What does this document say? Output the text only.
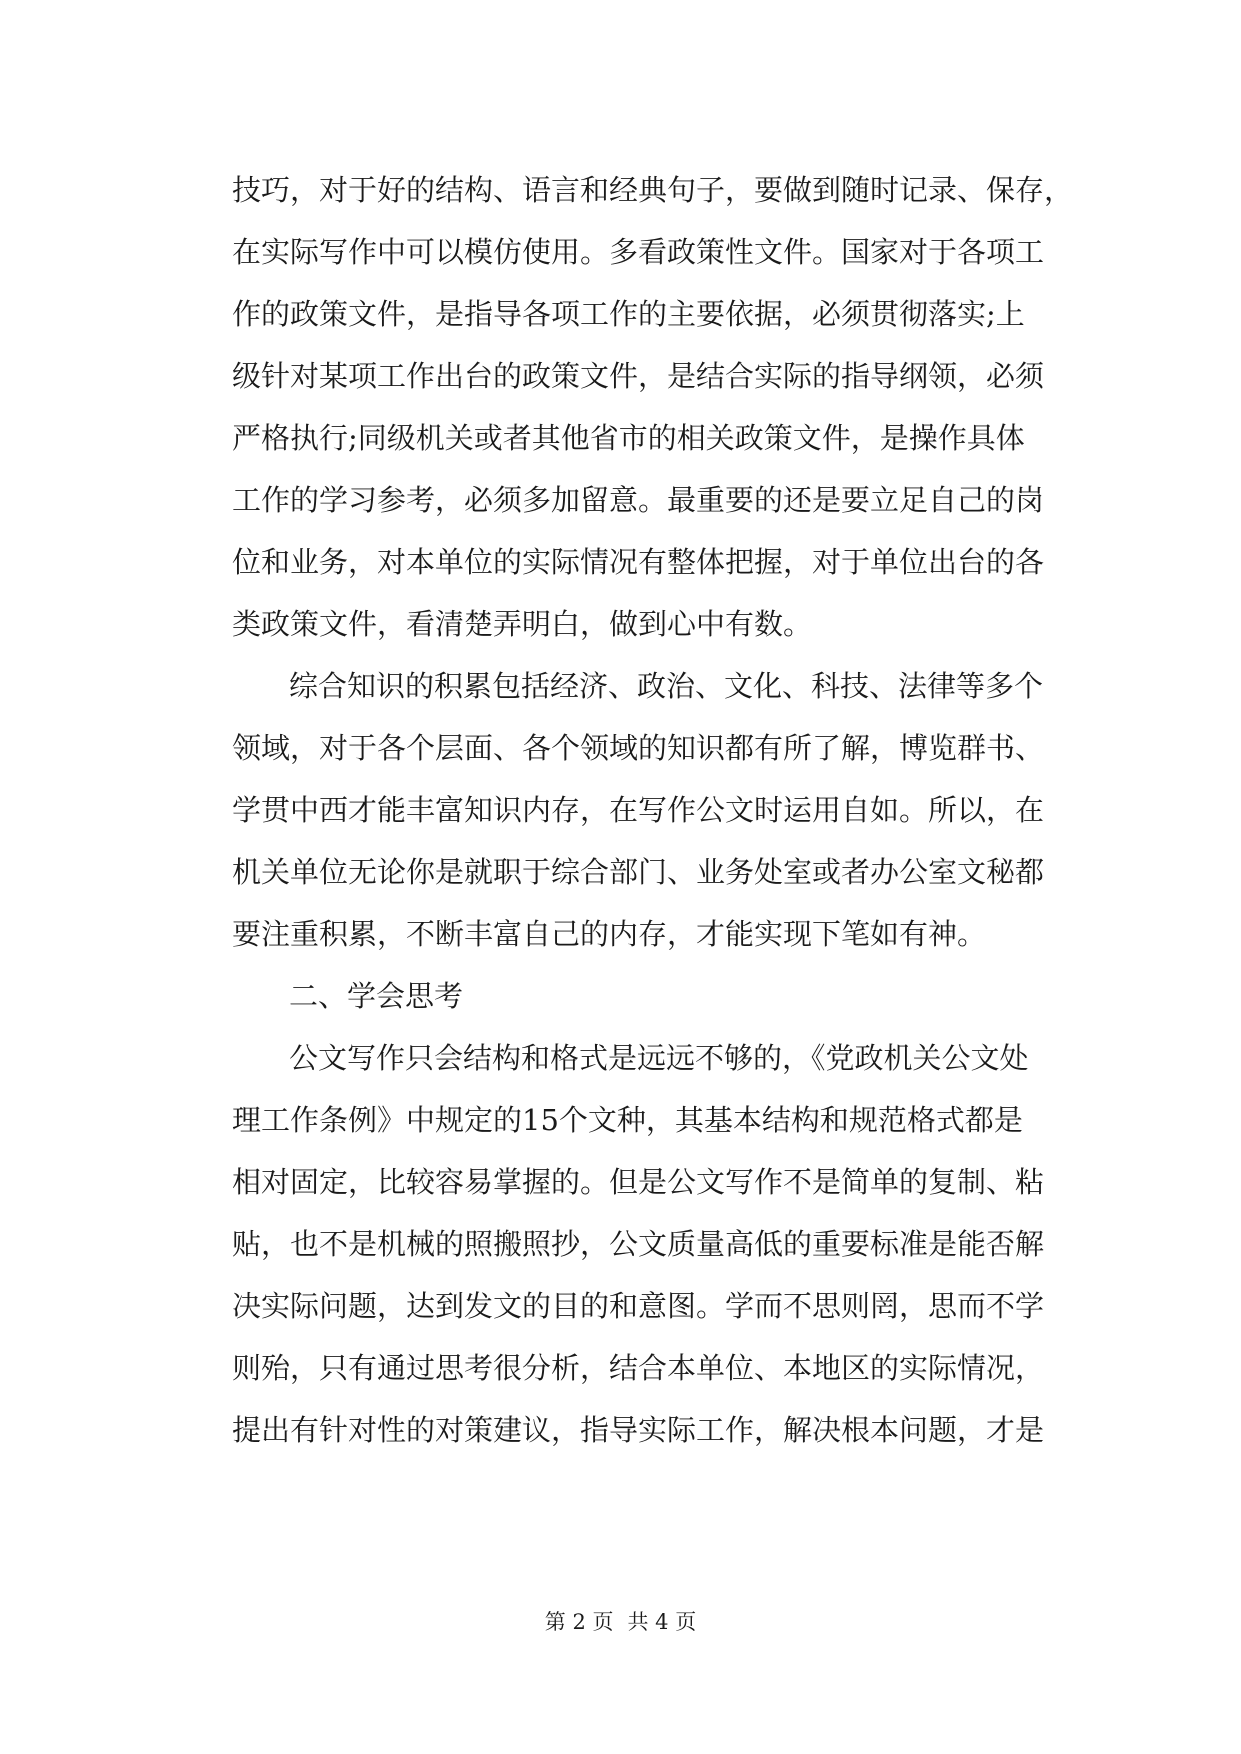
技巧，对于好的结构、语言和经典句子，要做到随时记录、保存，
在实际写作中可以模仿使用。多看政策性文件。国家对于各项工
作的政策文件，是指导各项工作的主要依据，必须贯彻落实;上
级针对某项工作出台的政策文件，是结合实际的指导纲领，必须
严格执行;同级机关或者其他省市的相关政策文件，是操作具体
工作的学习参考，必须多加留意。最重要的还是要立足自己的岗
位和业务，对本单位的实际情况有整体把握，对于单位出台的各
类政策文件，看清楚弄明白，做到心中有数。
综合知识的积累包括经济、政治、文化、科技、法律等多个
领域，对于各个层面、各个领域的知识都有所了解，博览群书、
学贯中西才能丰富知识内存，在写作公文时运用自如。所以，在
机关单位无论你是就职于综合部门、业务处室或者办公室文秘都
要注重积累，不断丰富自己的内存，才能实现下笔如有神。
二、学会思考
公文写作只会结构和格式是远远不够的，《党政机关公文处
理工作条例》中规定的15个文种，其基本结构和规范格式都是
相对固定，比较容易掌握的。但是公文写作不是简单的复制、粘
贴，也不是机械的照搬照抄，公文质量高低的重要标准是能否解
决实际问题，达到发文的目的和意图。学而不思则罔，思而不学
则殆，只有通过思考很分析，结合本单位、本地区的实际情况，
提出有针对性的对策建议，指导实际工作，解决根本问题，才是
第 2 页 共 4 页
